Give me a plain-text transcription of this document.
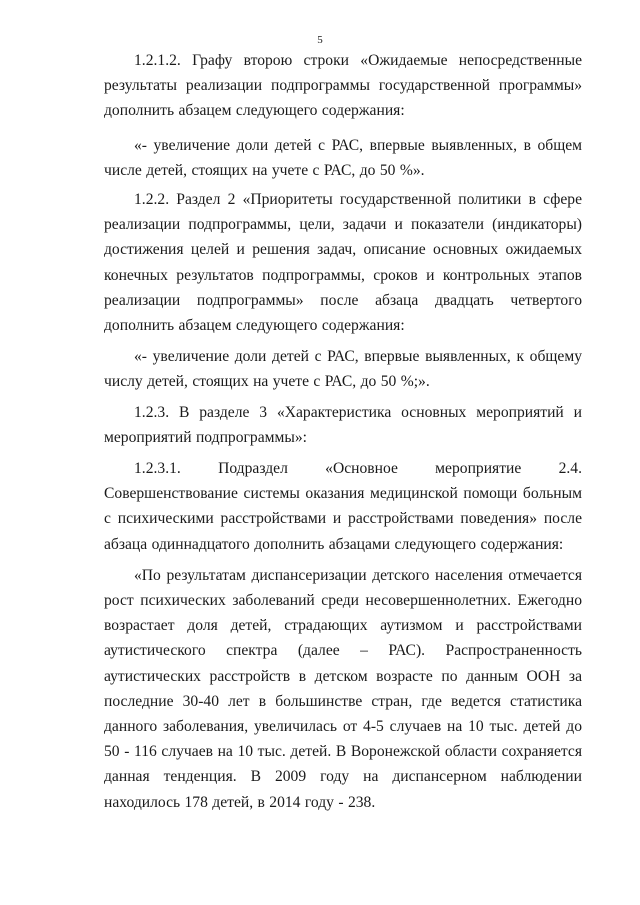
5

1.2.1.2. Графу второю строки «Ожидаемые непосредственные результаты реализации подпрограммы государственной программы» дополнить абзацем следующего содержания:

«- увеличение доли детей с РАС, впервые выявленных, в общем числе детей, стоящих на учете с РАС, до 50 %».

1.2.2. Раздел 2 «Приоритеты государственной политики в сфере реализации подпрограммы, цели, задачи и показатели (индикаторы) достижения целей и решения задач, описание основных ожидаемых конечных результатов подпрограммы, сроков и контрольных этапов реализации подпрограммы» после абзаца двадцать четвертого дополнить абзацем следующего содержания:

«- увеличение доли детей с РАС, впервые выявленных, к общему числу детей, стоящих на учете с РАС, до 50 %;».

1.2.3. В разделе 3 «Характеристика основных мероприятий и мероприятий подпрограммы»:

1.2.3.1. Подраздел «Основное мероприятие 2.4. Совершенствование системы оказания медицинской помощи больным с психическими расстройствами и расстройствами поведения» после абзаца одиннадцатого дополнить абзацами следующего содержания:

«По результатам диспансеризации детского населения отмечается рост психических заболеваний среди несовершеннолетних. Ежегодно возрастает доля детей, страдающих аутизмом и расстройствами аутистического спектра (далее – РАС). Распространенность аутистических расстройств в детском возрасте по данным ООН за последние 30-40 лет в большинстве стран, где ведется статистика данного заболевания, увеличилась от 4-5 случаев на 10 тыс. детей до 50 - 116 случаев на 10 тыс. детей. В Воронежской области сохраняется данная тенденция. В 2009 году на диспансерном наблюдении находилось 178 детей, в 2014 году - 238.
